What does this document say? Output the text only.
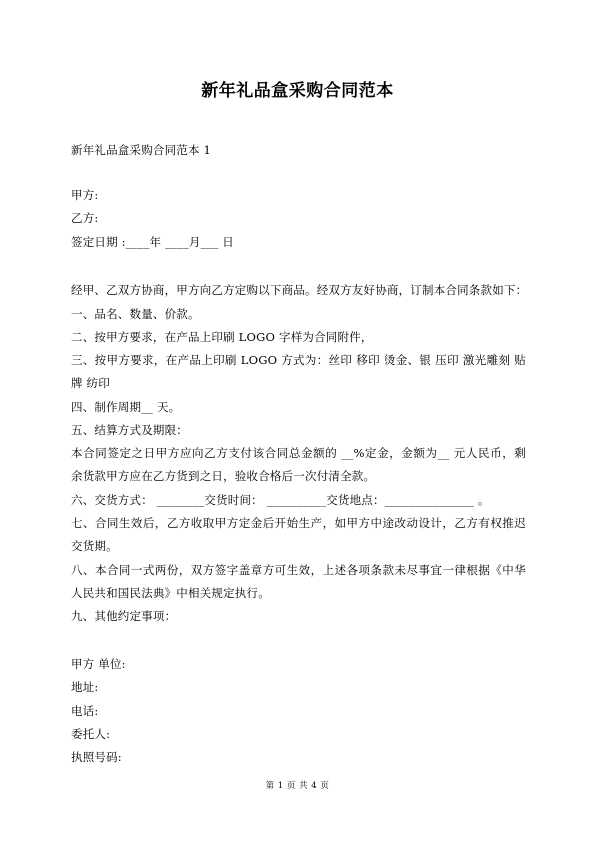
新年礼品盒采购合同范本
新年礼品盒采购合同范本 1
甲方:
乙方:
签定日期 :____年 ____月___ 日
经甲、乙双方协商，甲方向乙方定购以下商品。经双方友好协商，订制本合同条款如下：
一、品名、数量、价款。
二、按甲方要求，在产品上印刷 LOGO 字样为合同附件，
三、按甲方要求，在产品上印刷 LOGO 方式为：丝印 移印 烫金、银 压印 激光雕刻 贴
牌 纺印
四、制作周期__ 天。
五、结算方式及期限：
本合同签定之日甲方应向乙方支付该合同总金额的 __%定金，金额为__ 元人民币，剩
余货款甲方应在乙方货到之日，验收合格后一次付清全款。
六、交货方式： ________交货时间： __________交货地点：_______________ 。
七、合同生效后，乙方收取甲方定金后开始生产，如甲方中途改动设计，乙方有权推迟
交货期。
八、本合同一式两份，双方签字盖章方可生效，上述各项条款未尽事宜一律根据《中华
人民共和国民法典》中相关规定执行。
九、其他约定事项：
甲方 单位:
地址:
电话:
委托人:
执照号码:
第 1 页 共 4 页
